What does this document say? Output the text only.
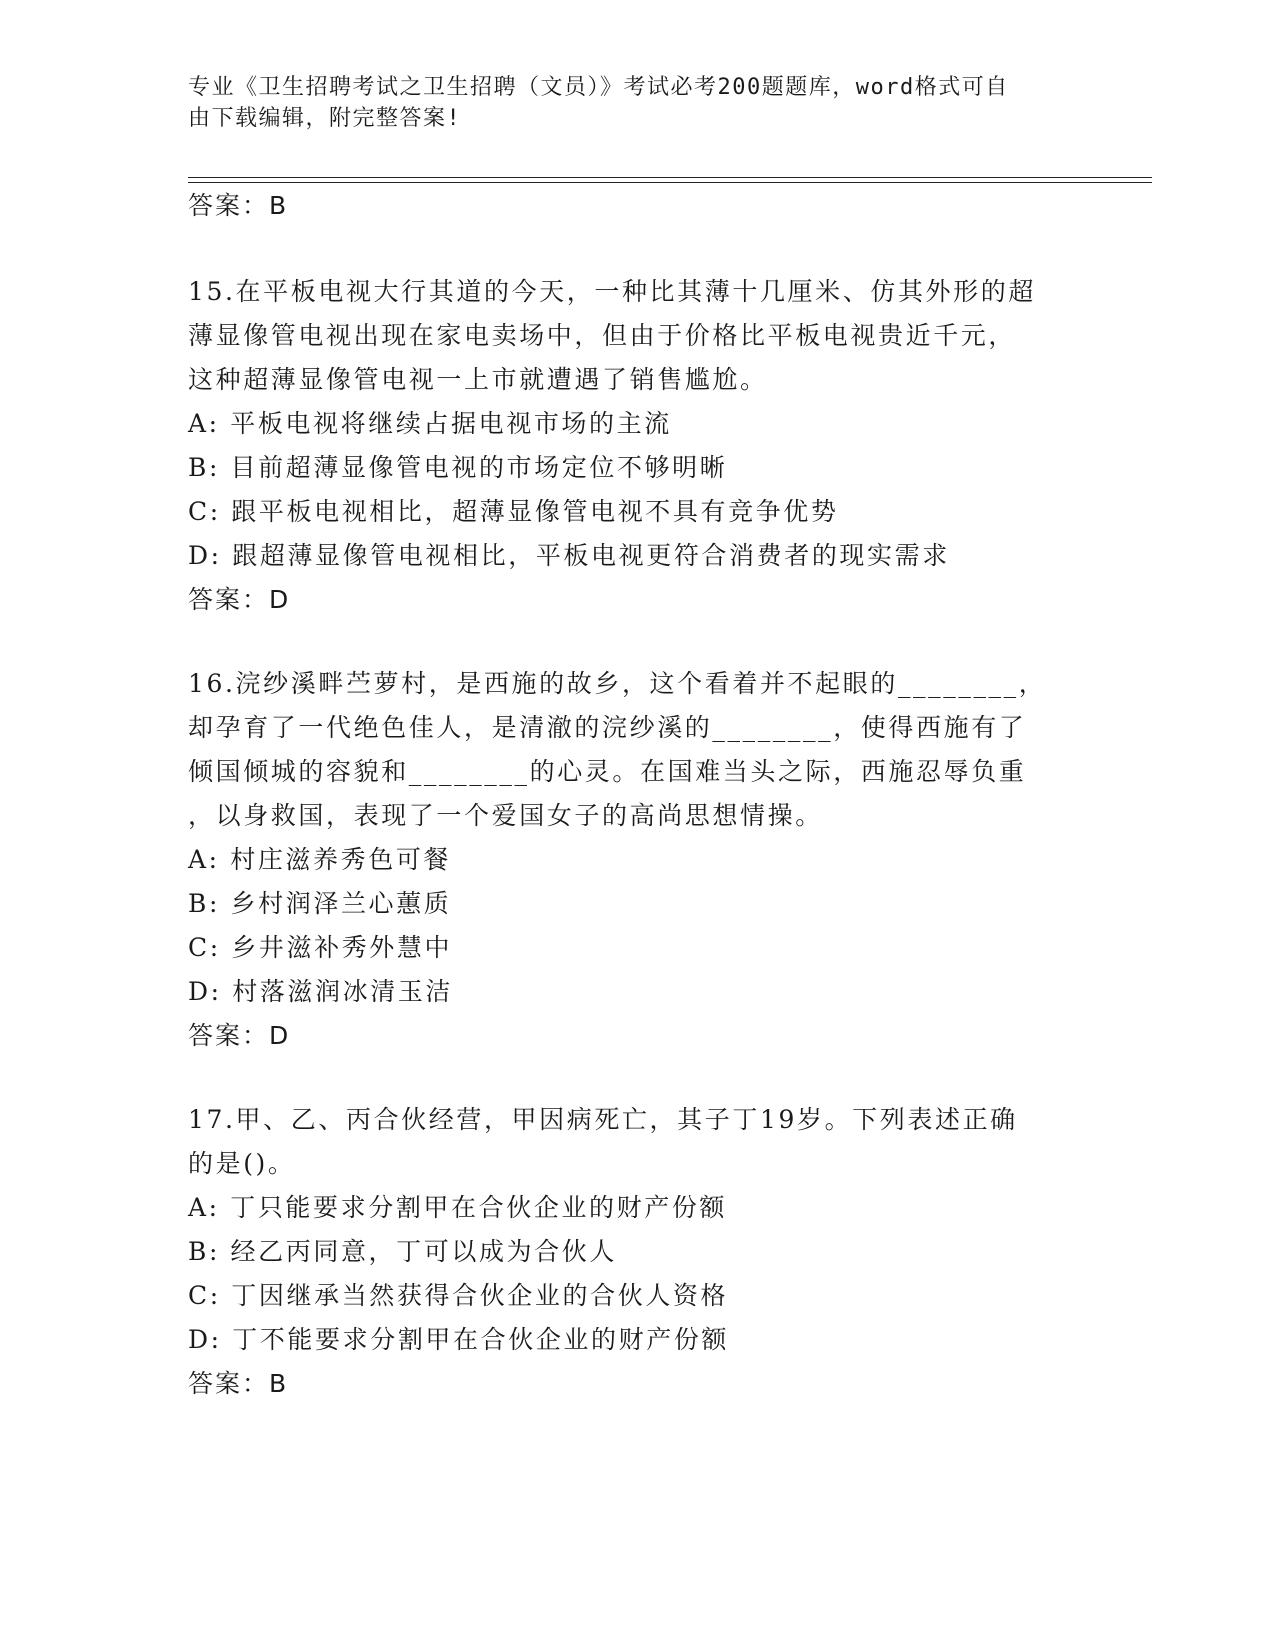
专业《卫生招聘考试之卫生招聘（文员）》考试必考200题题库，word格式可自
由下载编辑，附完整答案!
答案：B
15.在平板电视大行其道的今天，一种比其薄十几厘米、仿其外形的超
薄显像管电视出现在家电卖场中，但由于价格比平板电视贵近千元，
这种超薄显像管电视一上市就遭遇了销售尴尬。
A: 平板电视将继续占据电视市场的主流
B: 目前超薄显像管电视的市场定位不够明晰
C: 跟平板电视相比，超薄显像管电视不具有竞争优势
D: 跟超薄显像管电视相比，平板电视更符合消费者的现实需求
答案：D
16.浣纱溪畔苎萝村，是西施的故乡，这个看着并不起眼的________，
却孕育了一代绝色佳人，是清澈的浣纱溪的________，使得西施有了
倾国倾城的容貌和________的心灵。在国难当头之际，西施忍辱负重
，以身救国，表现了一个爱国女子的高尚思想情操。
A: 村庄滋养秀色可餐
B: 乡村润泽兰心蕙质
C: 乡井滋补秀外慧中
D: 村落滋润冰清玉洁
答案：D
17.甲、乙、丙合伙经营，甲因病死亡，其子丁19岁。下列表述正确
的是()。
A: 丁只能要求分割甲在合伙企业的财产份额
B: 经乙丙同意，丁可以成为合伙人
C: 丁因继承当然获得合伙企业的合伙人资格
D: 丁不能要求分割甲在合伙企业的财产份额
答案：B
